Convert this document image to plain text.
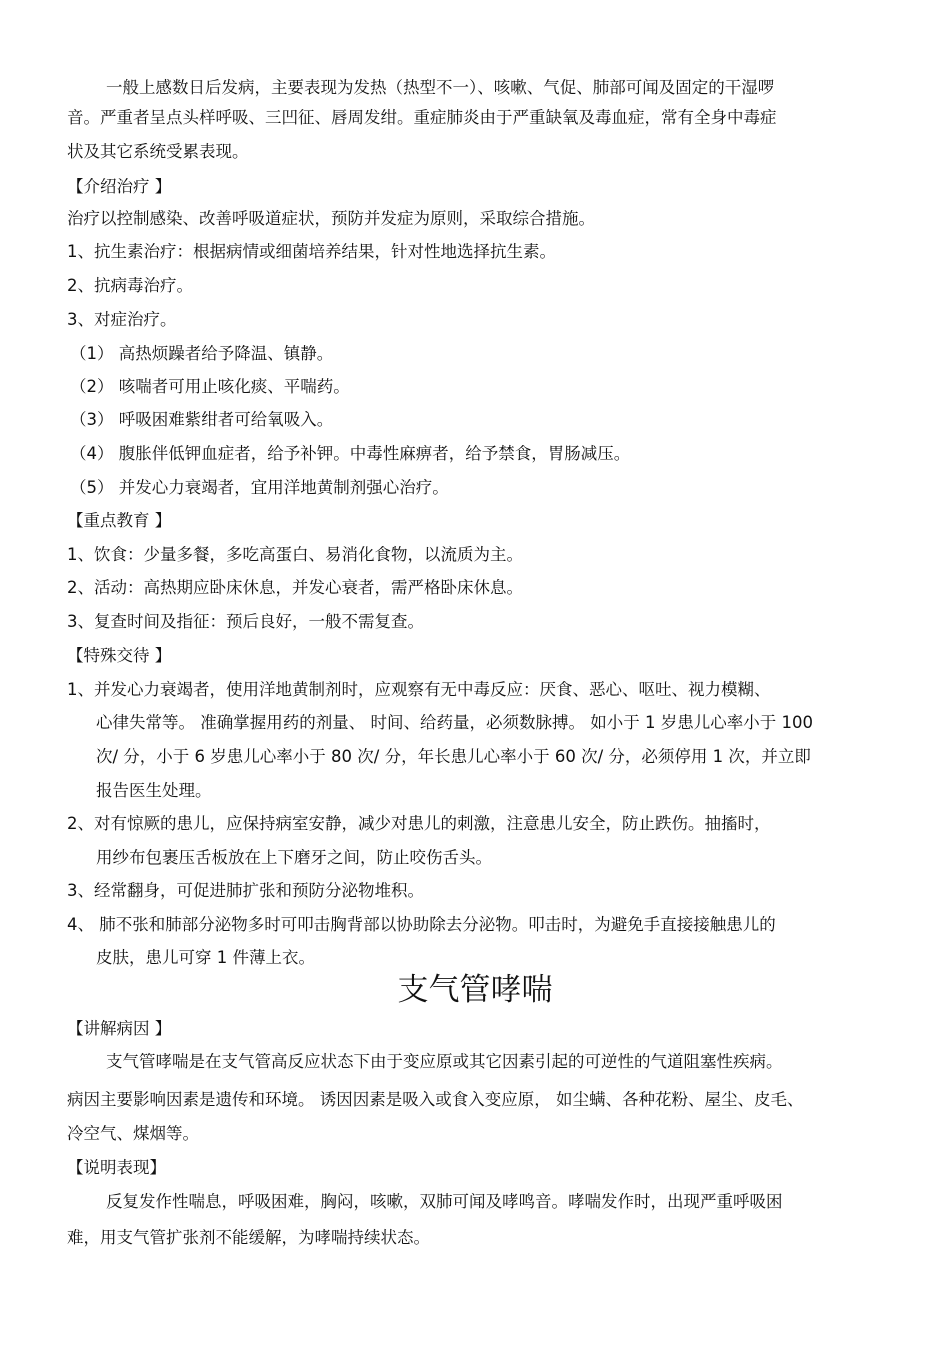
一般上感数日后发病，主要表现为发热（热型不一）、咳嗽、气促、肺部可闻及固定的干湿啰
音。严重者呈点头样呼吸、三凹征、唇周发绀。重症肺炎由于严重缺氧及毒血症，常有全身中毒症
状及其它系统受累表现。
【介绍治疗 】
治疗以控制感染、改善呼吸道症状，预防并发症为原则，采取综合措施。
1、抗生素治疗：根据病情或细菌培养结果，针对性地选择抗生素。
2、抗病毒治疗。
3、对症治疗。
（1） 高热烦躁者给予降温、镇静。
（2） 咳喘者可用止咳化痰、平喘药。
（3） 呼吸困难紫绀者可给氧吸入。
（4） 腹胀伴低钾血症者，给予补钾。中毒性麻痹者，给予禁食，胃肠减压。
（5） 并发心力衰竭者，宜用洋地黄制剂强心治疗。
【重点教育 】
1、饮食：少量多餐，多吃高蛋白、易消化食物，以流质为主。
2、活动：高热期应卧床休息，并发心衰者，需严格卧床休息。
3、复查时间及指征：预后良好，一般不需复查。
【特殊交待 】
1、并发心力衰竭者，使用洋地黄制剂时，应观察有无中毒反应：厌食、恶心、呕吐、视力模糊、
心律失常等。 准确掌握用药的剂量、 时间、给药量，必须数脉搏。 如小于 1 岁患儿心率小于 100
次/ 分，小于 6 岁患儿心率小于 80 次/ 分，年长患儿心率小于 60 次/ 分，必须停用 1 次，并立即
报告医生处理。
2、对有惊厥的患儿，应保持病室安静，减少对患儿的刺激，注意患儿安全，防止跌伤。抽搐时，
用纱布包裹压舌板放在上下磨牙之间，防止咬伤舌头。
3、经常翻身，可促进肺扩张和预防分泌物堆积。
4、 肺不张和肺部分泌物多时可叩击胸背部以协助除去分泌物。叩击时，为避免手直接接触患儿的
皮肤，患儿可穿 1 件薄上衣。
支气管哮喘
【讲解病因 】
支气管哮喘是在支气管高反应状态下由于变应原或其它因素引起的可逆性的气道阻塞性疾病。
病因主要影响因素是遗传和环境。 诱因因素是吸入或食入变应原， 如尘螨、各种花粉、屋尘、皮毛、
冷空气、煤烟等。
【说明表现】
反复发作性喘息，呼吸困难，胸闷，咳嗽，双肺可闻及哮鸣音。哮喘发作时，出现严重呼吸困
难，用支气管扩张剂不能缓解，为哮喘持续状态。
